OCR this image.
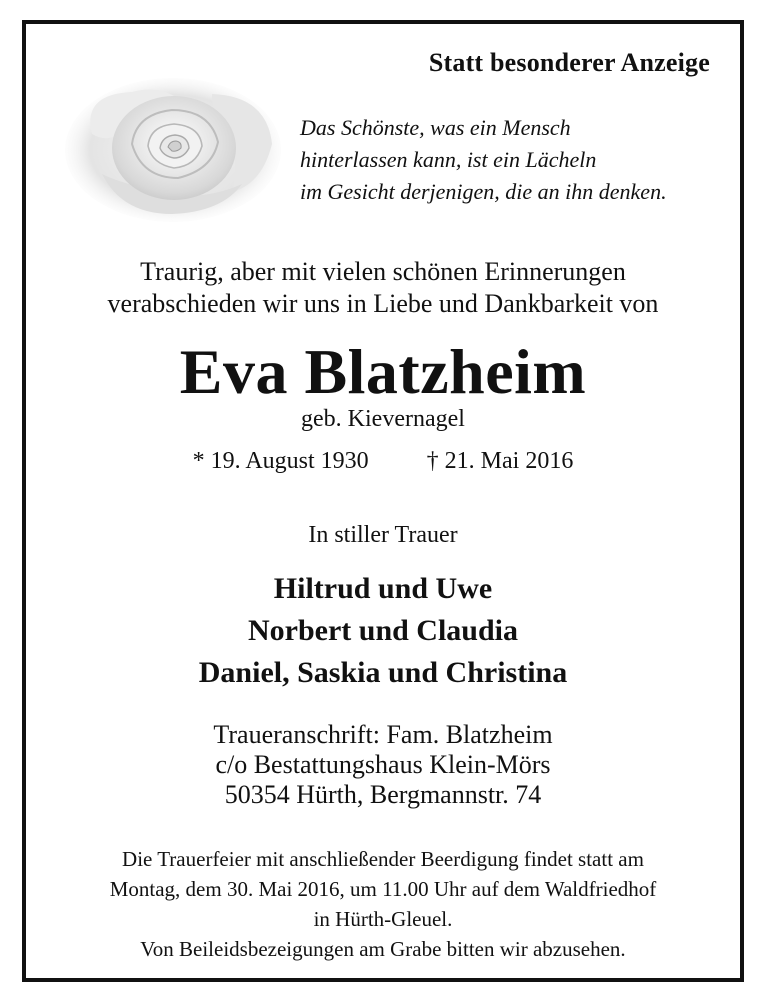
Statt besonderer Anzeige
Das Schönste, was ein Mensch
hinterlassen kann, ist ein Lächeln
im Gesicht derjenigen, die an ihn denken.
Traurig, aber mit vielen schönen Erinnerungen
verabschieden wir uns in Liebe und Dankbarkeit von
Eva Blatzheim
geb. Kievernagel
* 19. August 1930 † 21. Mai 2016
In stiller Trauer
Hiltrud und Uwe
Norbert und Claudia
Daniel, Saskia und Christina
Traueranschrift: Fam. Blatzheim
c/o Bestattungshaus Klein-Mörs
50354 Hürth, Bergmannstr. 74
Die Trauerfeier mit anschließender Beerdigung findet statt am
Montag, dem 30. Mai 2016, um 11.00 Uhr auf dem Waldfriedhof
in Hürth-Gleuel.
Von Beileidsbezeigungen am Grabe bitten wir abzusehen.
